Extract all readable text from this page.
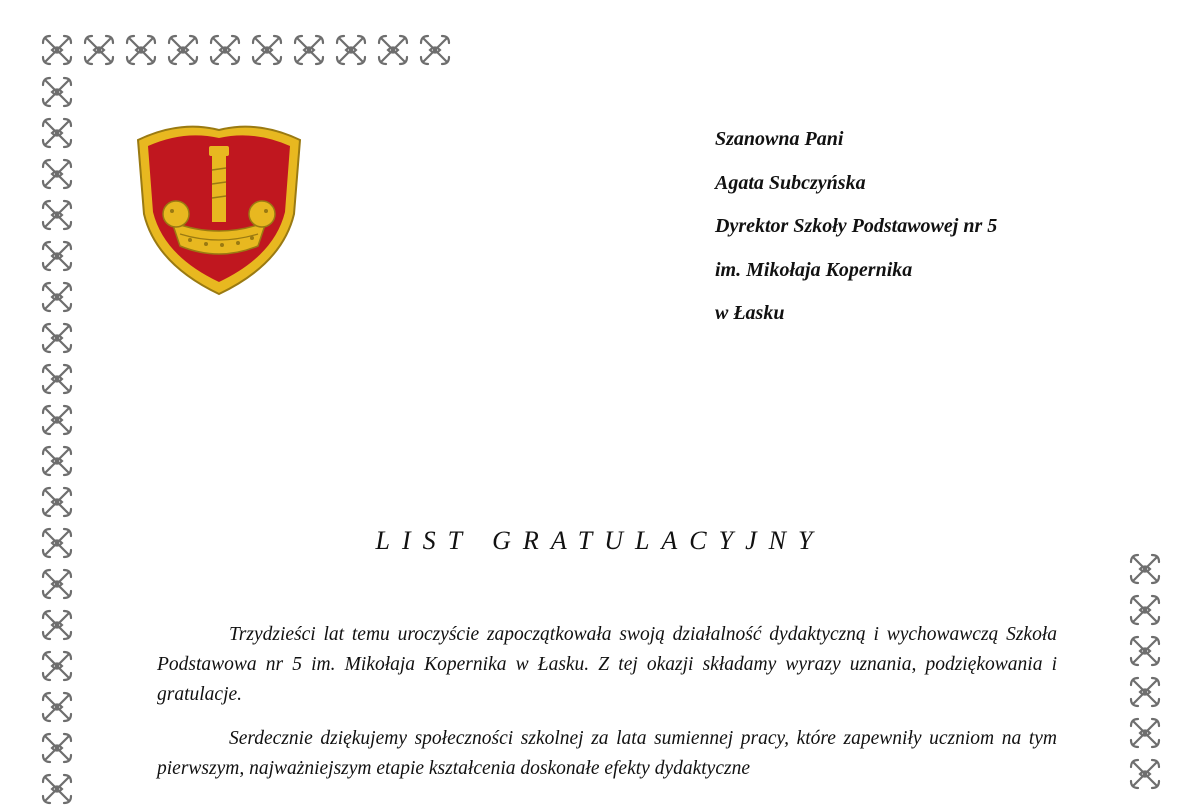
Szanowna Pani
Agata Subczyńska
Dyrektor Szkoły Podstawowej nr 5
im. Mikołaja Kopernika
w Łasku
LIST GRATULACYJNY

Trzydzieści lat temu uroczyście zapoczątkowała swoją działalność dydaktyczną i wychowawczą Szkoła Podstawowa nr 5 im. Mikołaja Kopernika w Łasku. Z tej okazji składamy wyrazy uznania, podziękowania i gratulacje.

Serdecznie dziękujemy społeczności szkolnej za lata sumiennej pracy, które zapewniły uczniom na tym pierwszym, najważniejszym etapie kształcenia doskonałe efekty dydaktyczne
